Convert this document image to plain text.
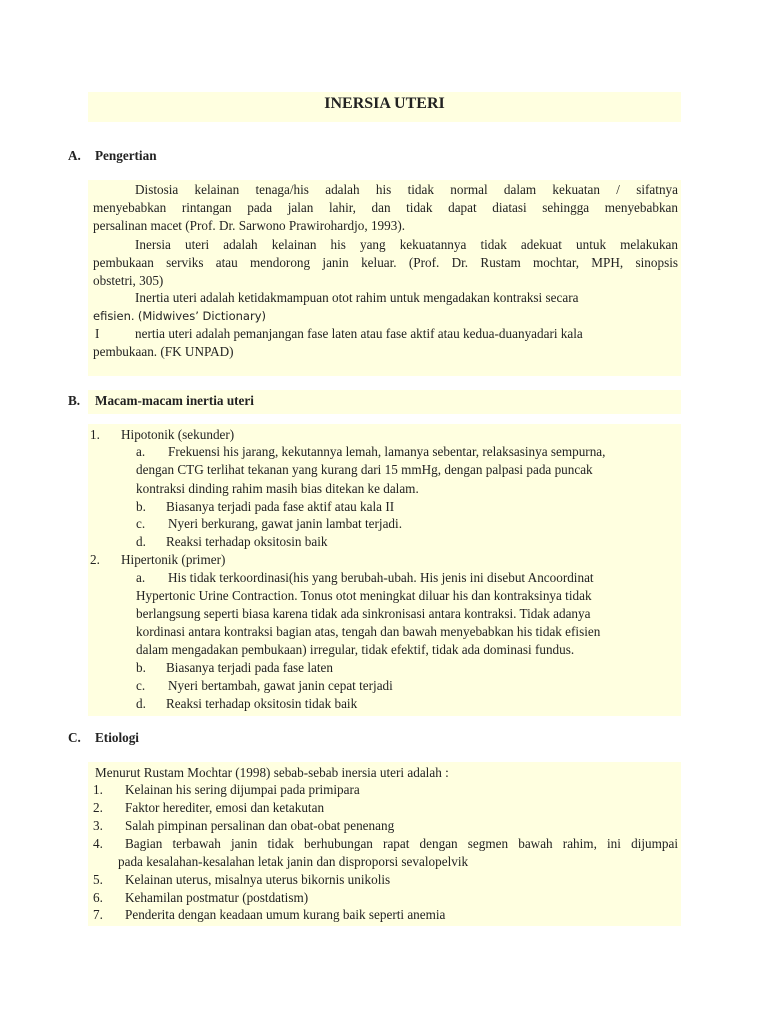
INERSIA UTERI
A. Pengertian
Distosia kelainan tenaga/his adalah his tidak normal dalam kekuatan / sifatnya
menyebabkan rintangan pada jalan lahir, dan tidak dapat diatasi sehingga menyebabkan
persalinan macet (Prof. Dr. Sarwono Prawirohardjo, 1993).
Inersia uteri adalah kelainan his yang kekuatannya tidak adekuat untuk melakukan
pembukaan serviks atau mendorong janin keluar. (Prof. Dr. Rustam mochtar, MPH, sinopsis
obstetri, 305)
Inertia uteri adalah ketidakmampuan otot rahim untuk mengadakan kontraksi secara
efisien. (Midwives’ Dictionary)
I	nertia uteri adalah pemanjangan fase laten atau fase aktif atau kedua-duanyadari kala
pembukaan. (FK UNPAD)
B. Macam-macam inertia uteri
1. Hipotonik (sekunder)
a. Frekuensi his jarang, kekutannya lemah, lamanya sebentar, relaksasinya sempurna,
dengan CTG terlihat tekanan yang kurang dari 15 mmHg, dengan palpasi pada puncak
kontraksi dinding rahim masih bias ditekan ke dalam.
b. Biasanya terjadi pada fase aktif atau kala II
c. Nyeri berkurang, gawat janin lambat terjadi.
d. Reaksi terhadap oksitosin baik
2. Hipertonik (primer)
a. His tidak terkoordinasi(his yang berubah-ubah. His jenis ini disebut Ancoordinat
Hypertonic Urine Contraction. Tonus otot meningkat diluar his dan kontraksinya tidak
berlangsung seperti biasa karena tidak ada sinkronisasi antara kontraksi. Tidak adanya
kordinasi antara kontraksi bagian atas, tengah dan bawah menyebabkan his tidak efisien
dalam mengadakan pembukaan) irregular, tidak efektif, tidak ada dominasi fundus.
b. Biasanya terjadi pada fase laten
c. Nyeri bertambah, gawat janin cepat terjadi
d. Reaksi terhadap oksitosin tidak baik
C. Etiologi
Menurut Rustam Mochtar (1998) sebab-sebab inersia uteri adalah :
1. Kelainan his sering dijumpai pada primipara
2. Faktor herediter, emosi dan ketakutan
3. Salah pimpinan persalinan dan obat-obat penenang
4. Bagian terbawah janin tidak berhubungan rapat dengan segmen bawah rahim, ini dijumpai
pada kesalahan-kesalahan letak janin dan disproporsi sevalopelvik
5. Kelainan uterus, misalnya uterus bikornis unikolis
6. Kehamilan postmatur (postdatism)
7. Penderita dengan keadaan umum kurang baik seperti anemia
